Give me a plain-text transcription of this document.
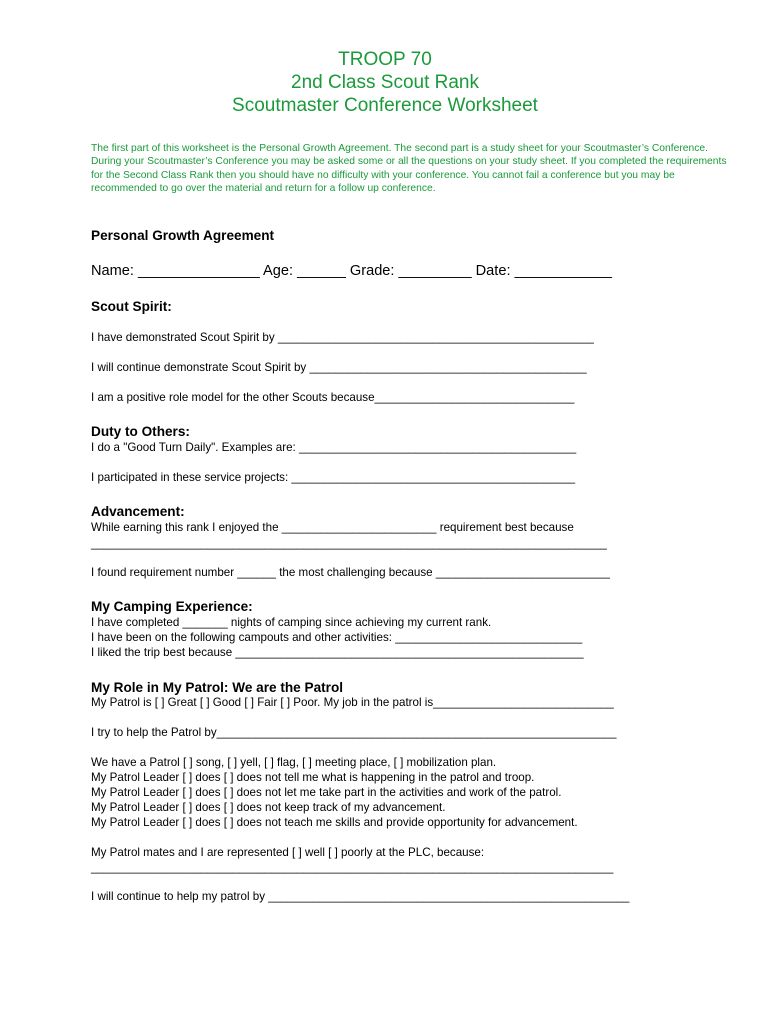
TROOP 70
2nd Class Scout Rank
Scoutmaster Conference Worksheet

The first part of this worksheet is the Personal Growth Agreement. The second part is a study sheet for your Scoutmaster’s Conference.

During your Scoutmaster’s Conference you may be asked some or all the questions on your study sheet. If you completed the requirements for the Second Class Rank then you should have no difficulty with your conference. You cannot fail a conference but you may be recommended to go over the material and return for a follow up conference.

Personal Growth Agreement
Name: _______________ Age: ______ Grade: _________ Date: ____________
Scout Spirit:
I have demonstrated Scout Spirit by _________________________________________________
I will continue demonstrate Scout Spirit by ___________________________________________
I am a positive role model for the other Scouts because_______________________________
Duty to Others:
I do a "Good Turn Daily". Examples are: ___________________________________________
I participated in these service projects: ____________________________________________
Advancement:
While earning this rank I enjoyed the ________________________ requirement best because
________________________________________________________________________________
I found requirement number ______ the most challenging because ___________________________
My Camping Experience:
I have completed _______ nights of camping since achieving my current rank.
I have been on the following campouts and other activities: _____________________________
I liked the trip best because ______________________________________________________
My Role in My Patrol: We are the Patrol
My Patrol is [ ] Great [ ] Good [ ] Fair [ ] Poor. My job in the patrol is____________________________
I try to help the Patrol by______________________________________________________________
We have a Patrol [ ] song, [ ] yell, [ ] flag, [ ] meeting place, [ ] mobilization plan.
My Patrol Leader [ ] does [ ] does not tell me what is happening in the patrol and troop.
My Patrol Leader [ ] does [ ] does not let me take part in the activities and work of the patrol.
My Patrol Leader [ ] does [ ] does not keep track of my advancement.
My Patrol Leader [ ] does [ ] does not teach me skills and provide opportunity for advancement.
My Patrol mates and I are represented [ ] well [ ] poorly at the PLC, because:
_________________________________________________________________________________
I will continue to help my patrol by ________________________________________________________
